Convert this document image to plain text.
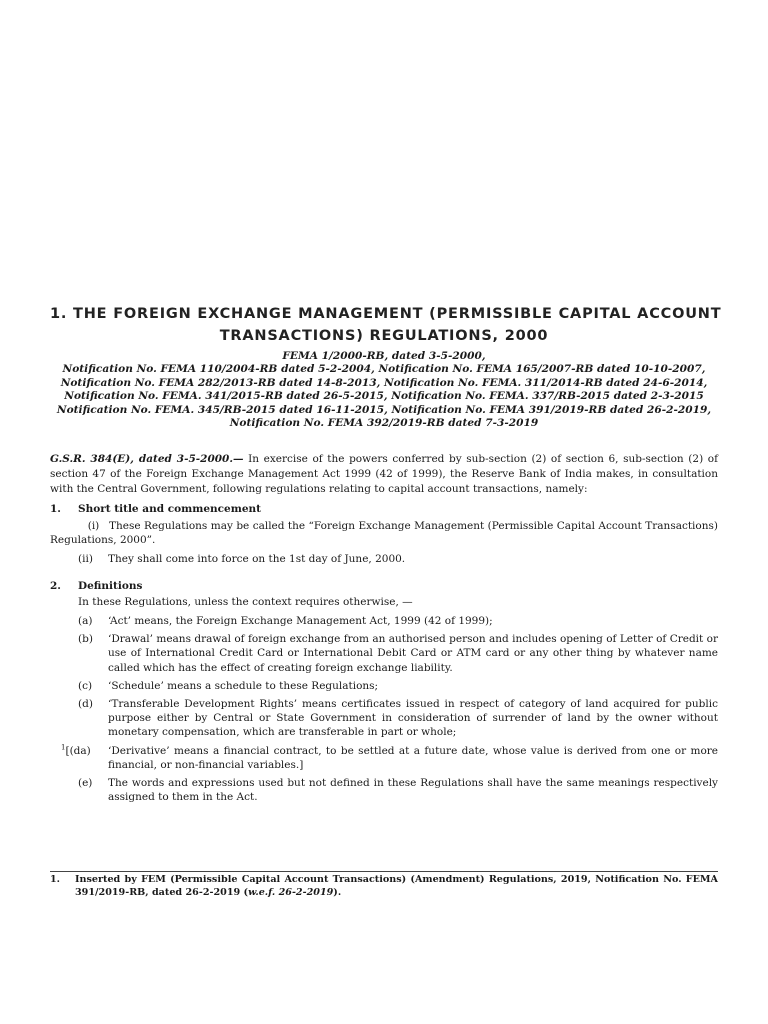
1. THE FOREIGN EXCHANGE MANAGEMENT (PERMISSIBLE CAPITAL ACCOUNT
TRANSACTIONS) REGULATIONS, 2000
FEMA 1/2000-RB, dated 3-5-2000,
Notification No. FEMA 110/2004-RB dated 5-2-2004, Notification No. FEMA 165/2007-RB dated 10-10-2007,
Notification No. FEMA 282/2013-RB dated 14-8-2013, Notification No. FEMA. 311/2014-RB dated 24-6-2014,
Notification No. FEMA. 341/2015-RB dated 26-5-2015, Notification No. FEMA. 337/RB-2015 dated 2-3-2015
Notification No. FEMA. 345/RB-2015 dated 16-11-2015, Notification No. FEMA 391/2019-RB dated 26-2-2019,
Notification No. FEMA 392/2019-RB dated 7-3-2019
G.S.R. 384(E), dated 3-5-2000.— In exercise of the powers conferred by sub-section (2) of section 6, sub-section (2) of section 47 of the Foreign Exchange Management Act 1999 (42 of 1999), the Reserve Bank of India makes, in consultation with the Central Government, following regulations relating to capital account transactions, namely:
1.	Short title and commencement
(i) These Regulations may be called the “Foreign Exchange Management (Permissible Capital Account Transactions) Regulations, 2000”.
(ii)	They shall come into force on the 1st day of June, 2000.
2.	Definitions
In these Regulations, unless the context requires otherwise, —
(a)	‘Act’ means, the Foreign Exchange Management Act, 1999 (42 of 1999);
(b)	‘Drawal’ means drawal of foreign exchange from an authorised person and includes opening of Letter of Credit or use of International Credit Card or International Debit Card or ATM card or any other thing by whatever name called which has the effect of creating foreign exchange liability.
(c)	‘Schedule’ means a schedule to these Regulations;
(d)	‘Transferable Development Rights’ means certificates issued in respect of category of land acquired for public purpose either by Central or State Government in consideration of surrender of land by the owner without monetary compensation, which are transferable in part or whole;
$^1$[(da)	‘Derivative’ means a financial contract, to be settled at a future date, whose value is derived from one or more financial, or non-financial variables.]
(e)	The words and expressions used but not defined in these Regulations shall have the same meanings respectively assigned to them in the Act.
1.	Inserted by FEM (Permissible Capital Account Transactions) (Amendment) Regulations, 2019, Notification No. FEMA 391/2019-RB, dated 26-2-2019 (w.e.f. 26-2-2019).
